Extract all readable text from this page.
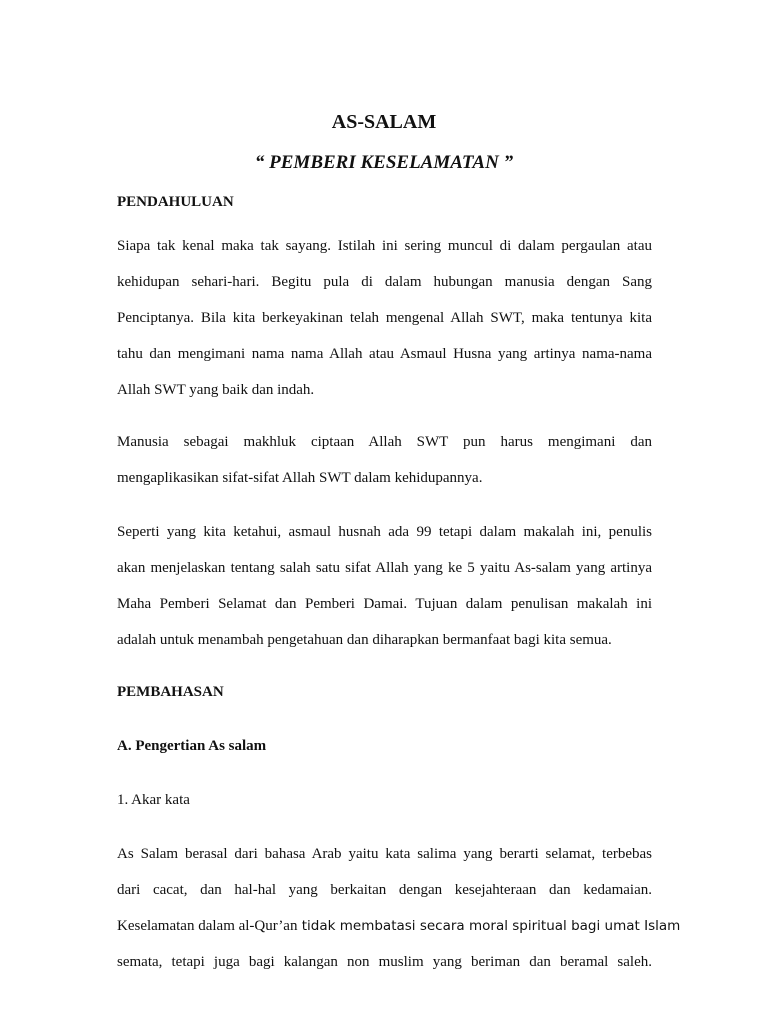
AS-SALAM
“ PEMBERI KESELAMATAN ”
PENDAHULUAN
Siapa tak kenal maka tak sayang. Istilah ini sering muncul di dalam pergaulan atau
kehidupan sehari-hari. Begitu pula di dalam hubungan manusia dengan Sang
Penciptanya. Bila kita berkeyakinan telah mengenal Allah SWT, maka tentunya kita
tahu dan mengimani nama nama Allah atau Asmaul Husna yang artinya nama-nama
Allah SWT yang baik dan indah.
Manusia sebagai makhluk ciptaan Allah SWT pun harus mengimani dan
mengaplikasikan sifat-sifat Allah SWT dalam kehidupannya.
Seperti yang kita ketahui, asmaul husnah ada 99 tetapi dalam makalah ini, penulis
akan menjelaskan tentang salah satu sifat Allah yang ke 5 yaitu As-salam yang artinya
Maha Pemberi Selamat dan Pemberi Damai. Tujuan dalam penulisan makalah ini
adalah untuk menambah pengetahuan dan diharapkan bermanfaat bagi kita semua.
PEMBAHASAN
A. Pengertian As salam
1. Akar kata
As Salam berasal dari bahasa Arab yaitu kata salima yang berarti selamat, terbebas
dari cacat, dan hal-hal yang berkaitan dengan kesejahteraan dan kedamaian.
Keselamatan dalam al-Qur’an tidak membatasi secara moral spiritual bagi umat Islam
semata, tetapi juga bagi kalangan non muslim yang beriman dan beramal saleh.
